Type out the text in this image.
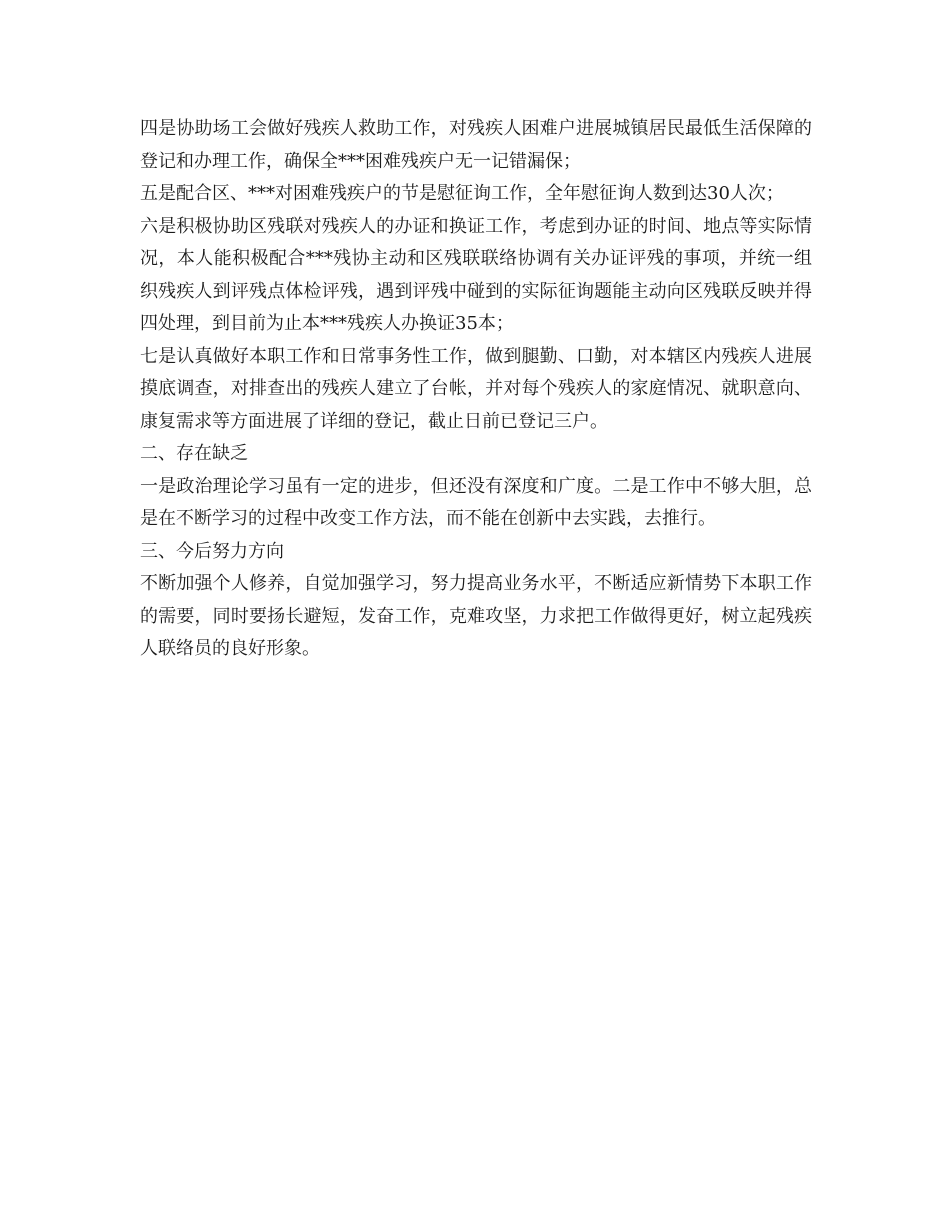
四是协助场工会做好残疾人救助工作，对残疾人困难户进展城镇居民最低生活保障的登记和办理工作，确保全***困难残疾户无一记错漏保；

五是配合区、***对困难残疾户的节是慰征询工作，全年慰征询人数到达30人次；

六是积极协助区残联对残疾人的办证和换证工作，考虑到办证的时间、地点等实际情况，本人能积极配合***残协主动和区残联联络协调有关办证评残的事项，并统一组织残疾人到评残点体检评残，遇到评残中碰到的实际征询题能主动向区残联反映并得四处理，到目前为止本***残疾人办换证35本；

七是认真做好本职工作和日常事务性工作，做到腿勤、口勤，对本辖区内残疾人进展摸底调查，对排查出的残疾人建立了台帐，并对每个残疾人的家庭情况、就职意向、康复需求等方面进展了详细的登记，截止日前已登记三户。

二、存在缺乏

一是政治理论学习虽有一定的进步，但还没有深度和广度。二是工作中不够大胆，总是在不断学习的过程中改变工作方法，而不能在创新中去实践，去推行。

三、今后努力方向

不断加强个人修养，自觉加强学习，努力提高业务水平，不断适应新情势下本职工作的需要，同时要扬长避短，发奋工作，克难攻坚，力求把工作做得更好，树立起残疾人联络员的良好形象。
